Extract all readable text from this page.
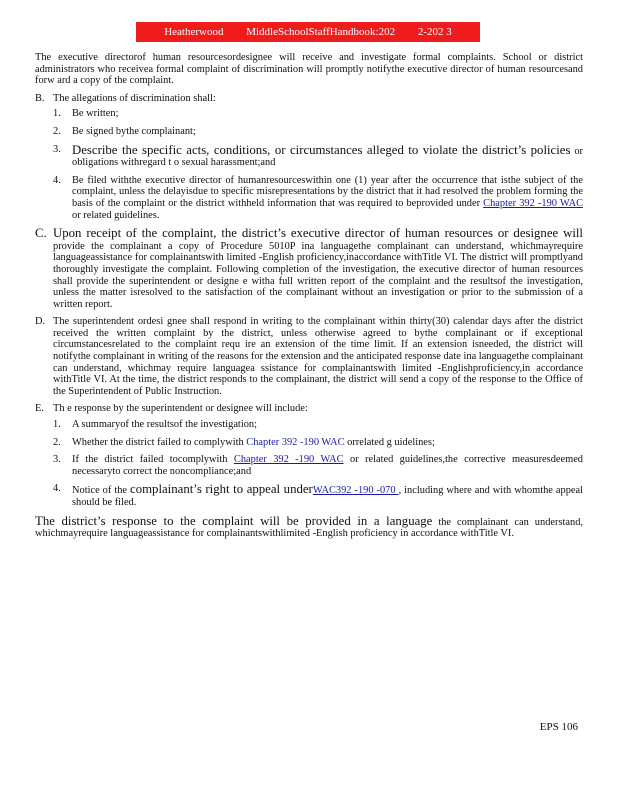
Heatherwood MiddleSchoolStaffHandbook:202 2-202 3

The executive directorof human resourcesordesignee will receive and investigate formal complaints. School or district administrators who receivea formal complaint of discrimination will promptly notifythe executive director of human resourcesand forw ard a copy of the complaint.

B. The allegations of discrimination shall:

1. Be written;
2. Be signed bythe complainant;
3. Describe the specific acts, conditions, or circumstances alleged to violate the district’s policies or obligations withregard t o sexual harassment;and
4. Be filed withthe executive director of humanresourceswithin one (1) year after the occurrence that isthe subject of the complaint, unless the delayisdue to specific misrepresentations by the district that it had resolved the problem forming the basis of the complaint or the district withheld information that was required to beprovided under Chapter 392 -190 WAC or related guidelines.
C. Upon receipt of the complaint, the district’s executive director of human resources or designee will provide the complainant a copy of Procedure 5010P ina languagethe complainant can understand, whichmayrequire languageassistance for complainantswith limited -English proficiency,inaccordance withTitle VI. The district will promptlyand thoroughly investigate the complaint. Following completion of the investigation, the executive director of human resources shall provide the superintendent or designe e witha full written report of the complaint and the resultsof the investigation, unless the matter isresolved to the satisfaction of the complainant without an investigation or prior to the submission of a written report.

D. The superintendent ordesi gnee shall respond in writing to the complainant within thirty(30) calendar days after the district received the written complaint by the district, unless otherwise agreed to bythe complainant or if exceptional circumstancesrelated to the complaint requ ire an extension of the time limit. If an extension isneeded, the district will notifythe complainant in writing of the reasons for the extension and the anticipated response date ina languagethe complainant can understand, whichmay require languagea ssistance for complainantswith limited -Englishproficiency,in accordance withTitle VI. At the time, the district responds to the complainant, the district will send a copy of the response to the Office of the Superintendent of Public Instruction.

E. Th e response by the superintendent or designee will include:

1. A summaryof the resultsof the investigation;
2. Whether the district failed to complywith Chapter 392 -190 WAC orrelated g uidelines;
3. If the district failed tocomplywith Chapter 392 -190 WAC or related guidelines,the corrective measuresdeemed necessaryto correct the noncompliance;and
4. Notice of the complainant’s right to appeal underWAC392 -190 -070 , including where and with whomthe appeal should be filed.

The district’s response to the complaint will be provided in a language the complainant can understand, whichmayrequire languageassistance for complainantswithlimited -English proficiency in accordance withTitle VI.

EPS 106
